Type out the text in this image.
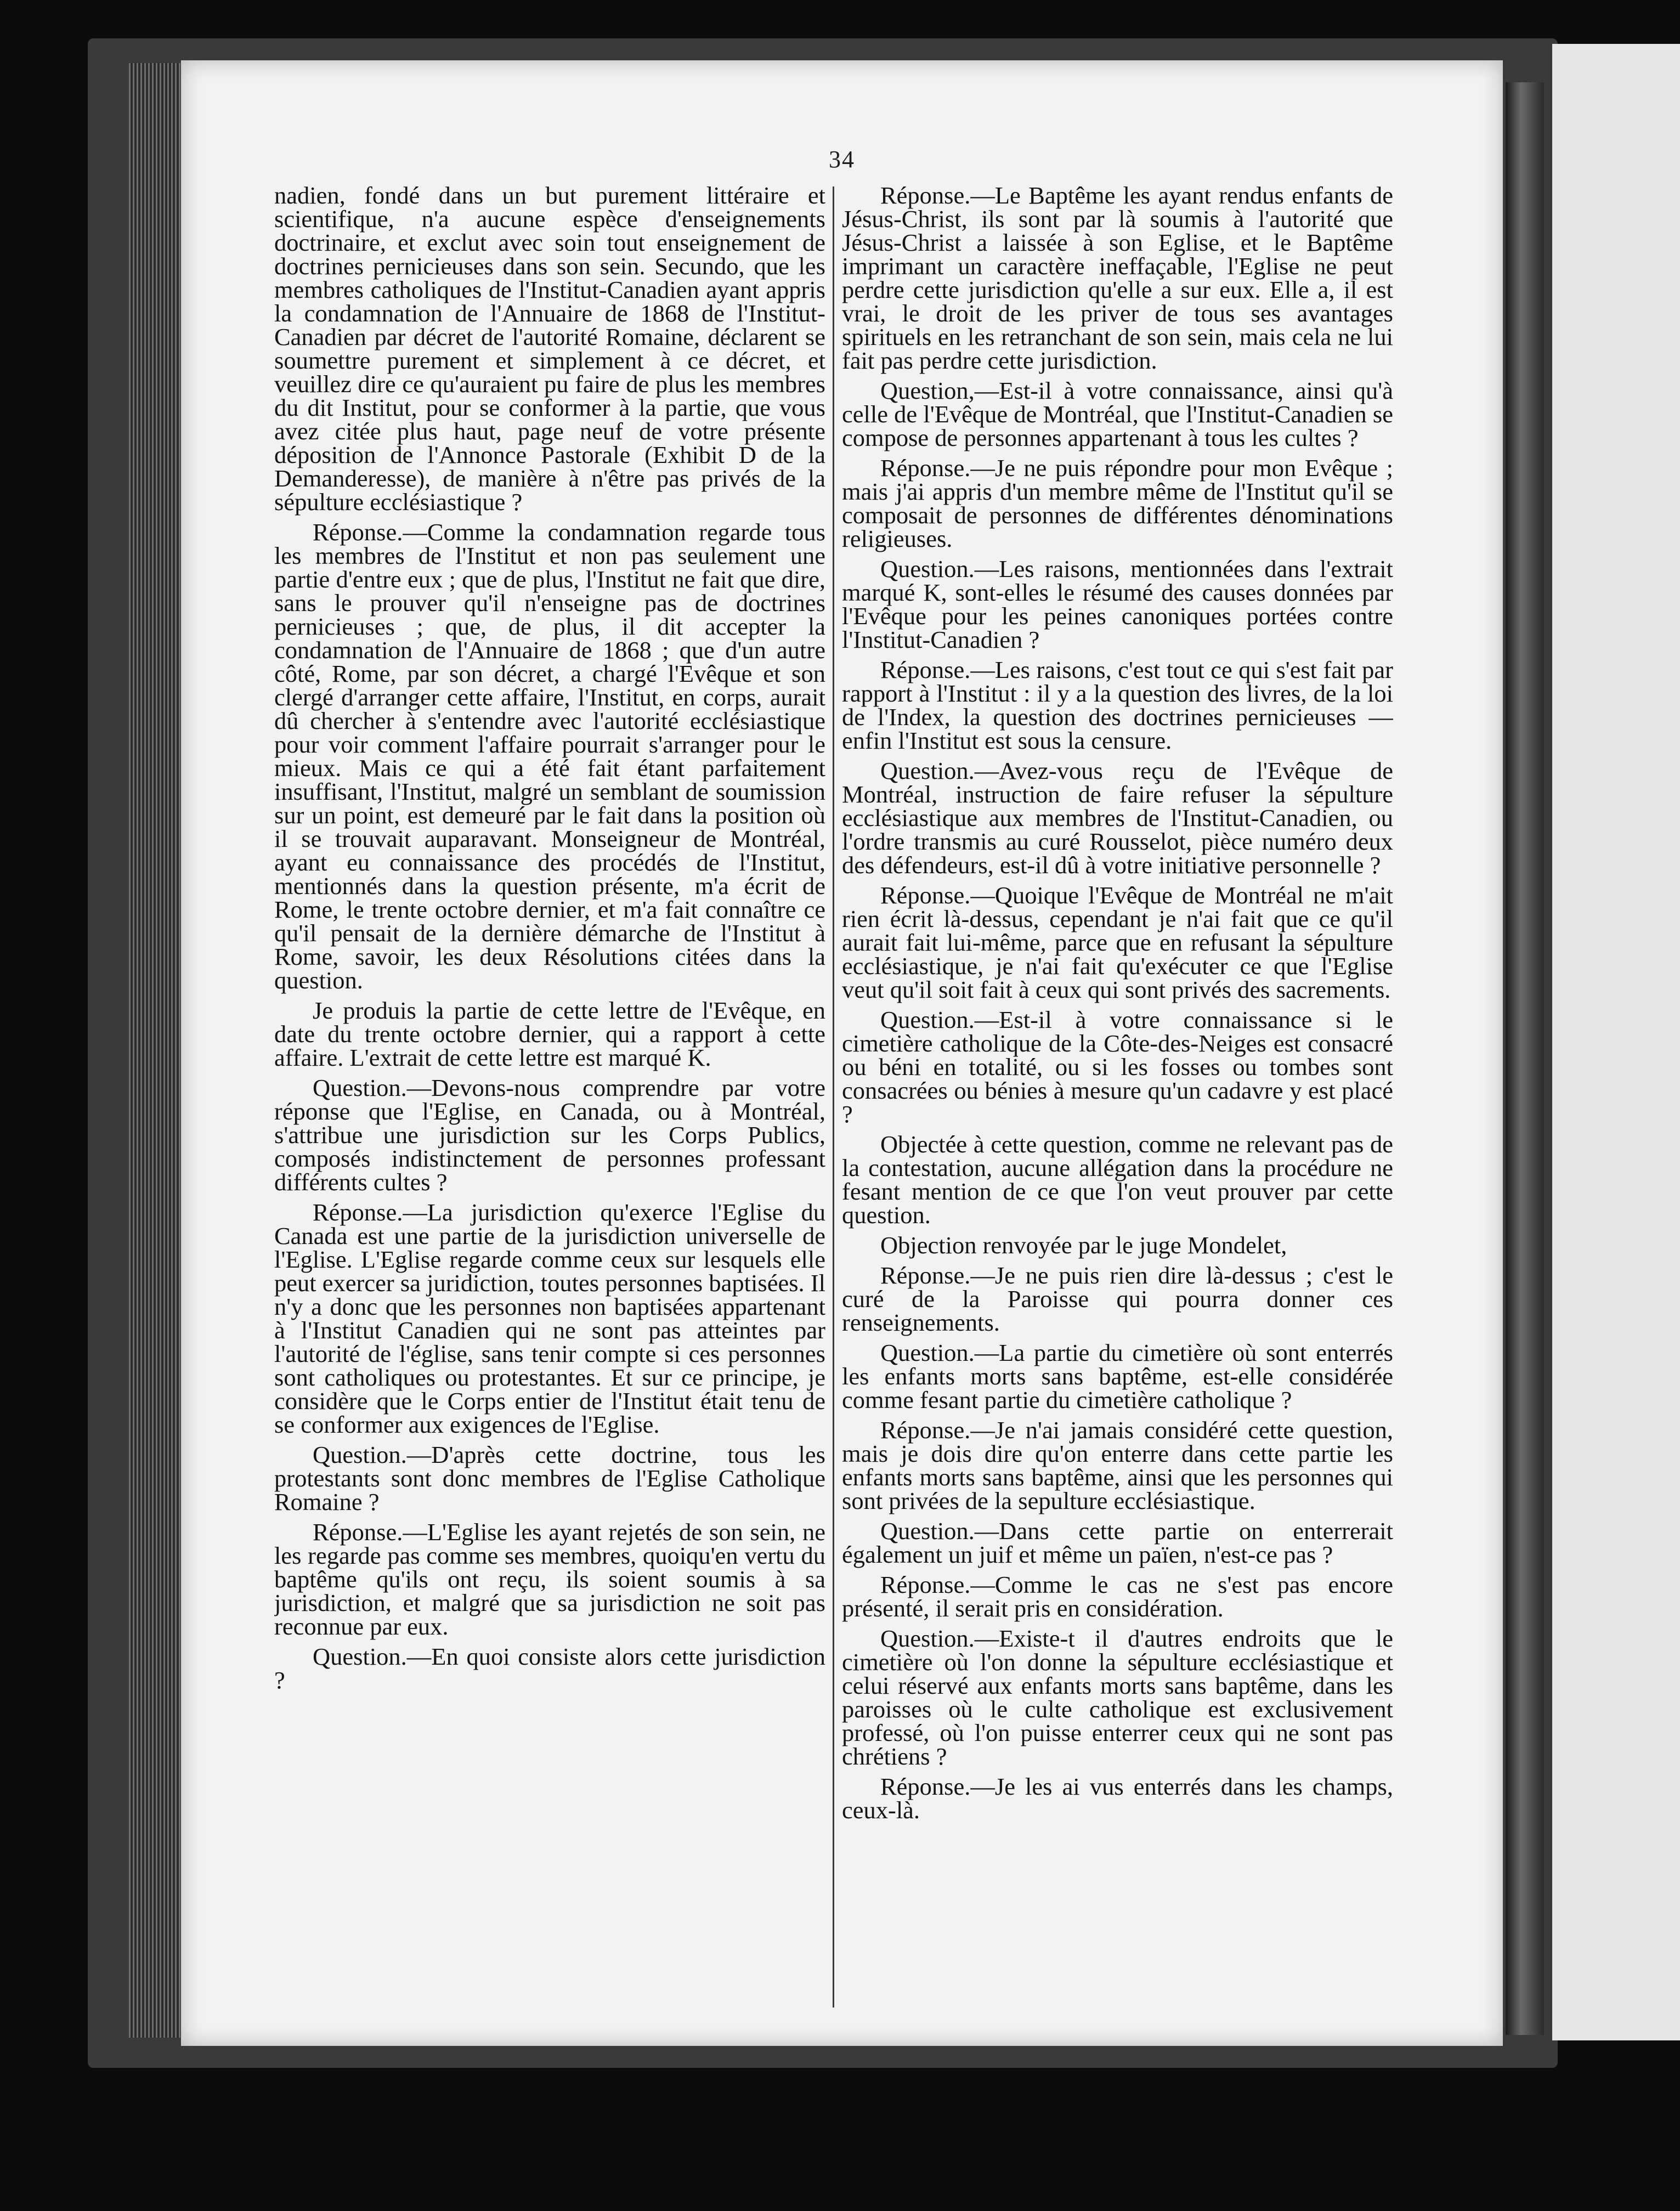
34

nadien, fondé dans un but purement littéraire et scientifique, n'a aucune espèce d'enseignements doctrinaire, et exclut avec soin tout enseignement de doctrines pernicieuses dans son sein. Secundo, que les membres catholiques de l'Institut-Canadien ayant appris la condamnation de l'Annuaire de 1868 de l'Institut-Canadien par décret de l'autorité Romaine, déclarent se soumettre purement et simplement à ce décret, et veuillez dire ce qu'auraient pu faire de plus les membres du dit Institut, pour se conformer à la partie, que vous avez citée plus haut, page neuf de votre présente déposition de l'Annonce Pastorale (Exhibit D de la Demanderesse), de manière à n'être pas privés de la sépulture ecclésiastique ?

Réponse.—Comme la condamnation regarde tous les membres de l'Institut et non pas seulement une partie d'entre eux ; que de plus, l'Institut ne fait que dire, sans le prouver qu'il n'enseigne pas de doctrines pernicieuses ; que, de plus, il dit accepter la condamnation de l'Annuaire de 1868 ; que d'un autre côté, Rome, par son décret, a chargé l'Evêque et son clergé d'arranger cette affaire, l'Institut, en corps, aurait dû chercher à s'entendre avec l'autorité ecclésiastique pour voir comment l'affaire pourrait s'arranger pour le mieux. Mais ce qui a été fait étant parfaitement insuffisant, l'Institut, malgré un semblant de soumission sur un point, est demeuré par le fait dans la position où il se trouvait auparavant. Monseigneur de Montréal, ayant eu connaissance des procédés de l'Institut, mentionnés dans la question présente, m'a écrit de Rome, le trente octobre dernier, et m'a fait connaître ce qu'il pensait de la dernière démarche de l'Institut à Rome, savoir, les deux Résolutions citées dans la question.

Je produis la partie de cette lettre de l'Evêque, en date du trente octobre dernier, qui a rapport à cette affaire. L'extrait de cette lettre est marqué K.

Question.—Devons-nous comprendre par votre réponse que l'Eglise, en Canada, ou à Montréal, s'attribue une jurisdiction sur les Corps Publics, composés indistinctement de personnes professant différents cultes ?

Réponse.—La jurisdiction qu'exerce l'Eglise du Canada est une partie de la jurisdiction universelle de l'Eglise. L'Eglise regarde comme ceux sur lesquels elle peut exercer sa juridiction, toutes personnes baptisées. Il n'y a donc que les personnes non baptisées appartenant à l'Institut Canadien qui ne sont pas atteintes par l'autorité de l'église, sans tenir compte si ces personnes sont catholiques ou protestantes. Et sur ce principe, je considère que le Corps entier de l'Institut était tenu de se conformer aux exigences de l'Eglise.

Question.—D'après cette doctrine, tous les protestants sont donc membres de l'Eglise Catholique Romaine ?

Réponse.—L'Eglise les ayant rejetés de son sein, ne les regarde pas comme ses membres, quoiqu'en vertu du baptême qu'ils ont reçu, ils soient soumis à sa jurisdiction, et malgré que sa jurisdiction ne soit pas reconnue par eux.

Question.—En quoi consiste alors cette jurisdiction ?

Réponse.—Le Baptême les ayant rendus enfants de Jésus-Christ, ils sont par là soumis à l'autorité que Jésus-Christ a laissée à son Eglise, et le Baptême imprimant un caractère ineffaçable, l'Eglise ne peut perdre cette jurisdiction qu'elle a sur eux. Elle a, il est vrai, le droit de les priver de tous ses avantages spirituels en les retranchant de son sein, mais cela ne lui fait pas perdre cette jurisdiction.

Question,—Est-il à votre connaissance, ainsi qu'à celle de l'Evêque de Montréal, que l'Institut-Canadien se compose de personnes appartenant à tous les cultes ?

Réponse.—Je ne puis répondre pour mon Evêque ; mais j'ai appris d'un membre même de l'Institut qu'il se composait de personnes de différentes dénominations religieuses.

Question.—Les raisons, mentionnées dans l'extrait marqué K, sont-elles le résumé des causes données par l'Evêque pour les peines canoniques portées contre l'Institut-Canadien ?

Réponse.—Les raisons, c'est tout ce qui s'est fait par rapport à l'Institut : il y a la question des livres, de la loi de l'Index, la question des doctrines pernicieuses — enfin l'Institut est sous la censure.

Question.—Avez-vous reçu de l'Evêque de Montréal, instruction de faire refuser la sépulture ecclésiastique aux membres de l'Institut-Canadien, ou l'ordre transmis au curé Rousselot, pièce numéro deux des défendeurs, est-il dû à votre initiative personnelle ?

Réponse.—Quoique l'Evêque de Montréal ne m'ait rien écrit là-dessus, cependant je n'ai fait que ce qu'il aurait fait lui-même, parce que en refusant la sépulture ecclésiastique, je n'ai fait qu'exécuter ce que l'Eglise veut qu'il soit fait à ceux qui sont privés des sacrements.

Question.—Est-il à votre connaissance si le cimetière catholique de la Côte-des-Neiges est consacré ou béni en totalité, ou si les fosses ou tombes sont consacrées ou bénies à mesure qu'un cadavre y est placé ?

Objectée à cette question, comme ne relevant pas de la contestation, aucune allégation dans la procédure ne fesant mention de ce que l'on veut prouver par cette question.

Objection renvoyée par le juge Mondelet,

Réponse.—Je ne puis rien dire là-dessus ; c'est le curé de la Paroisse qui pourra donner ces renseignements.

Question.—La partie du cimetière où sont enterrés les enfants morts sans baptême, est-elle considérée comme fesant partie du cimetière catholique ?

Réponse.—Je n'ai jamais considéré cette question, mais je dois dire qu'on enterre dans cette partie les enfants morts sans baptême, ainsi que les personnes qui sont privées de la sepulture ecclésiastique.

Question.—Dans cette partie on enterrerait également un juif et même un païen, n'est-ce pas ?

Réponse.—Comme le cas ne s'est pas encore présenté, il serait pris en considération.

Question.—Existe-t il d'autres endroits que le cimetière où l'on donne la sépulture ecclésiastique et celui réservé aux enfants morts sans baptême, dans les paroisses où le culte catholique est exclusivement professé, où l'on puisse enterrer ceux qui ne sont pas chrétiens ?

Réponse.—Je les ai vus enterrés dans les champs, ceux-là.
